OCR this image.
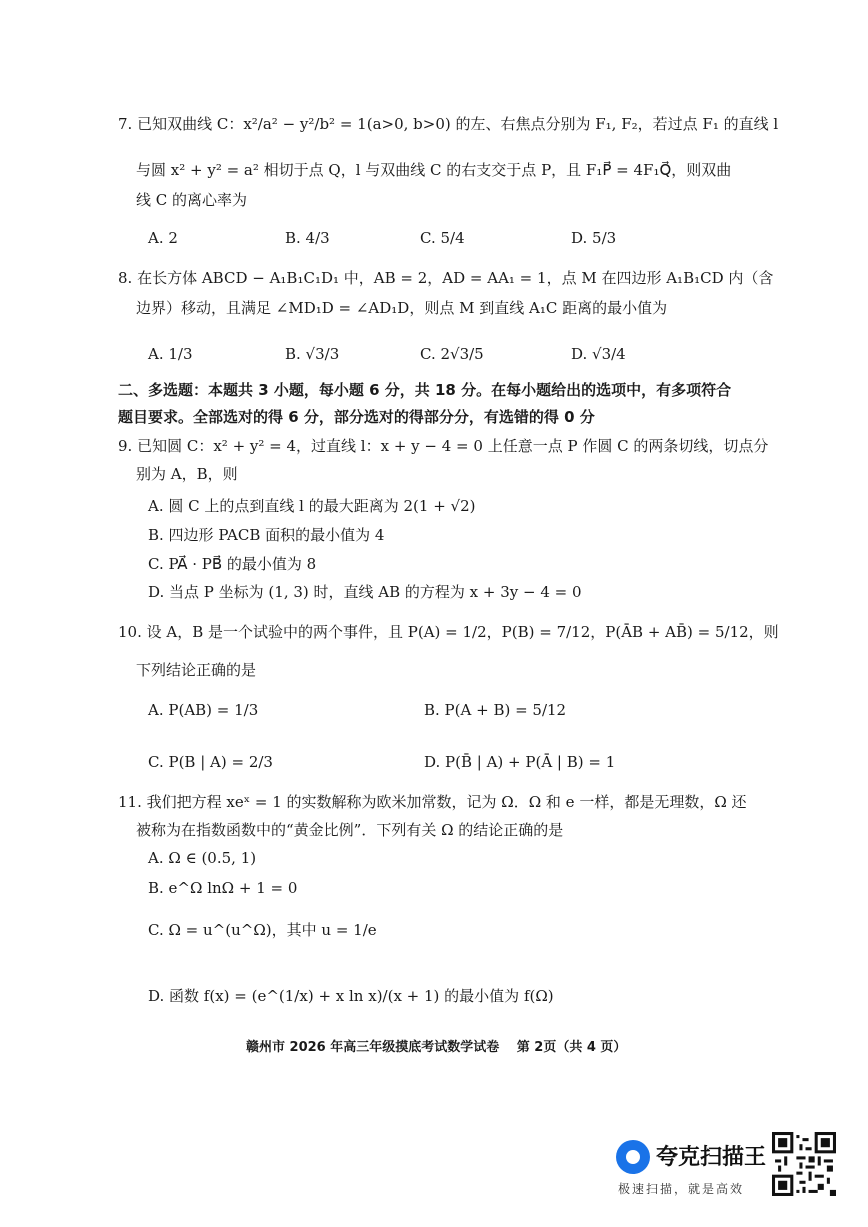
7. 已知双曲线 C：x²/a² − y²/b² = 1(a>0, b>0) 的左、右焦点分别为 F₁, F₂，若过点 F₁ 的直线 l
与圆 x² + y² = a² 相切于点 Q，l 与双曲线 C 的右支交于点 P，且 F₁P⃗ = 4F₁Q⃗，则双曲
线 C 的离心率为
A. 2	B. 4/3	C. 5/4	D. 5/3
8. 在长方体 ABCD − A₁B₁C₁D₁ 中，AB = 2，AD = AA₁ = 1，点 M 在四边形 A₁B₁CD 内（含
边界）移动，且满足 ∠MD₁D = ∠AD₁D，则点 M 到直线 A₁C 距离的最小值为
A. 1/3	B. √3/3	C. 2√3/5	D. √3/4
二、多选题：本题共 3 小题，每小题 6 分，共 18 分。在每小题给出的选项中，有多项符合
题目要求。全部选对的得 6 分，部分选对的得部分分，有选错的得 0 分
9. 已知圆 C：x² + y² = 4，过直线 l：x + y − 4 = 0 上任意一点 P 作圆 C 的两条切线，切点分
别为 A，B，则
A. 圆 C 上的点到直线 l 的最大距离为 2(1 + √2)
B. 四边形 PACB 面积的最小值为 4
C. PA⃗ · PB⃗ 的最小值为 8
D. 当点 P 坐标为 (1, 3) 时，直线 AB 的方程为 x + 3y − 4 = 0
10. 设 A，B 是一个试验中的两个事件，且 P(A) = 1/2，P(B) = 7/12，P(ĀB + AB̄) = 5/12，则
下列结论正确的是
A. P(AB) = 1/3	B. P(A + B) = 5/12
C. P(B | A) = 2/3	D. P(B̄ | A) + P(Ā | B) = 1
11. 我们把方程 xeˣ = 1 的实数解称为欧米加常数，记为 Ω．Ω 和 e 一样，都是无理数，Ω 还
被称为在指数函数中的“黄金比例”．下列有关 Ω 的结论正确的是
A. Ω ∈ (0.5, 1)
B. e^Ω lnΩ + 1 = 0
C. Ω = u^(u^Ω)，其中 u = 1/e
D. 函数 f(x) = (e^(1/x) + x ln x)/(x + 1) 的最小值为 f(Ω)
赣州市 2026 年高三年级摸底考试数学试卷　 第 2页（共 4 页）
夸克扫描王
极速扫描，就是高效
